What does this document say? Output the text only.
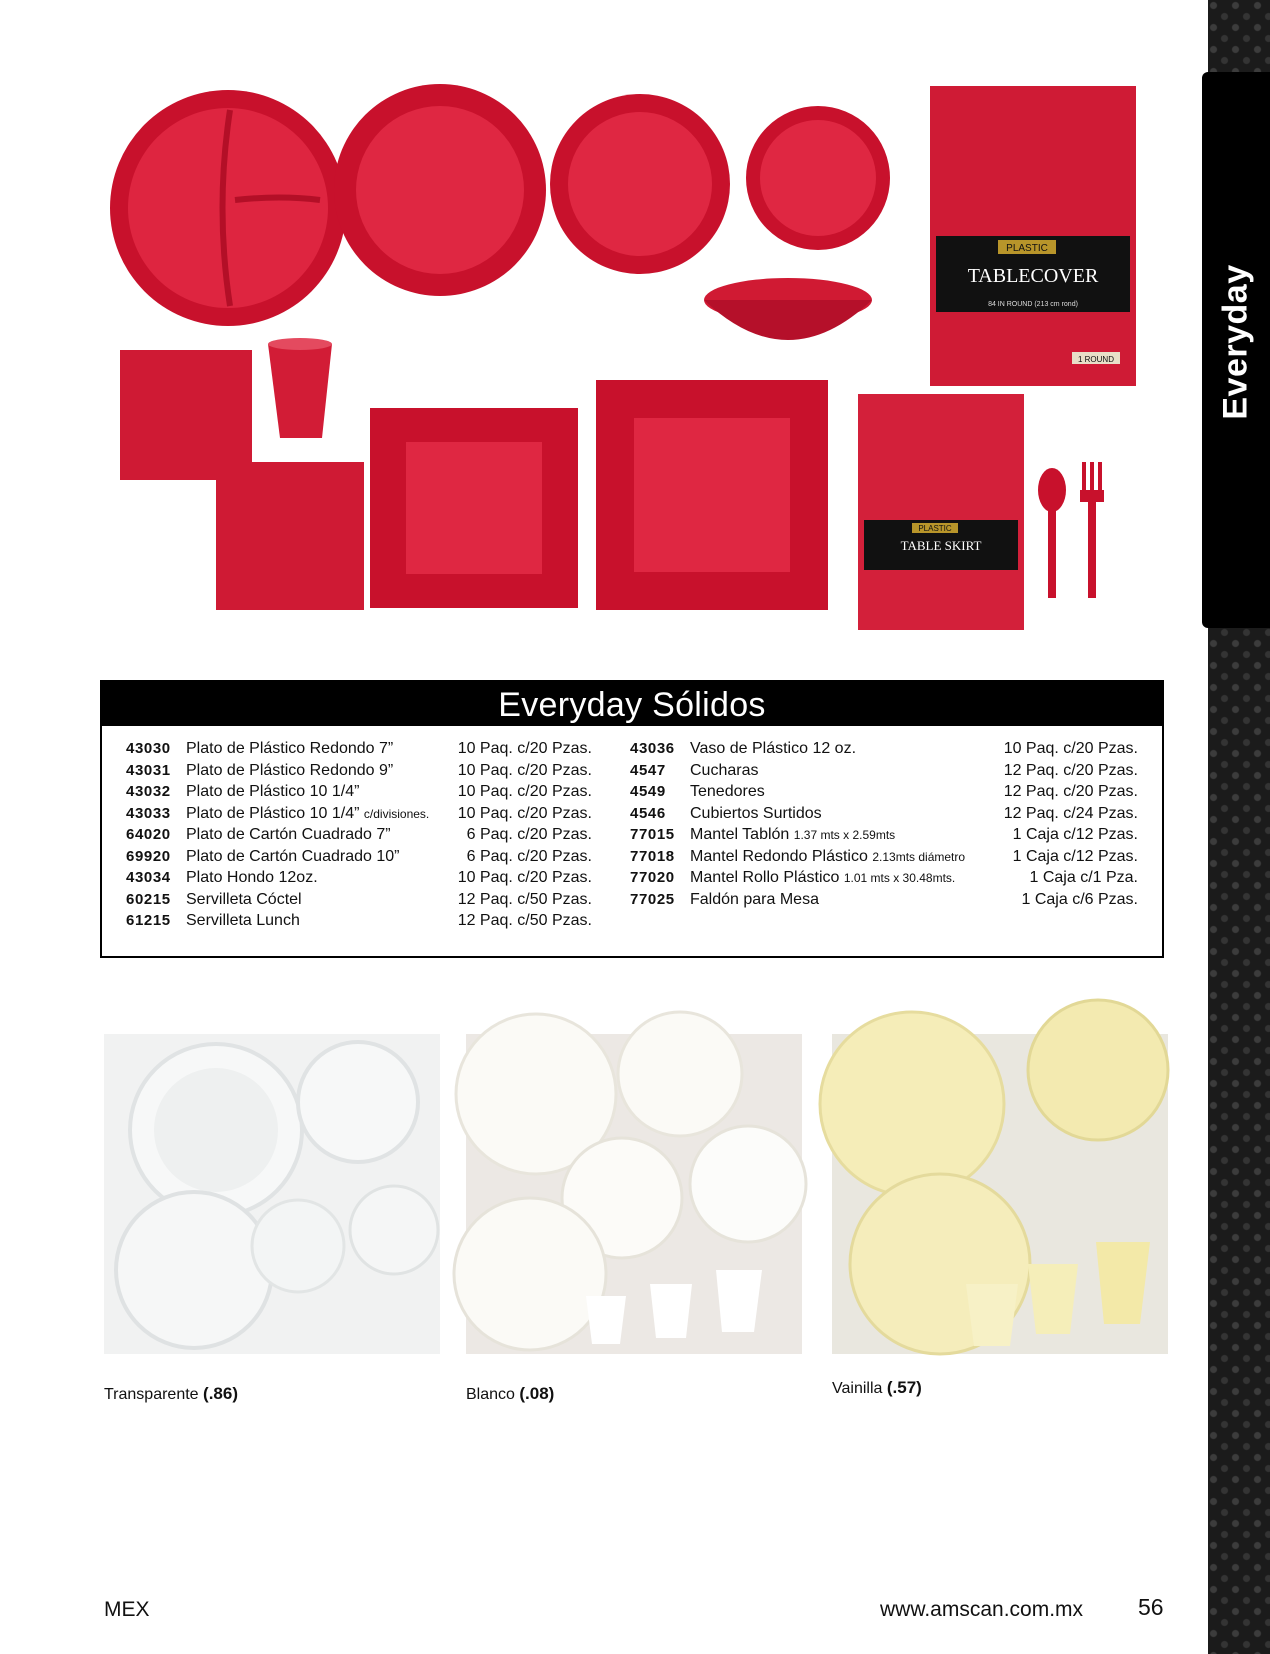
Everyday
PLASTIC
TABLECOVER
84 IN ROUND (213 cm rond)
1 ROUND
PLASTIC
TABLE SKIRT
Everyday Sólidos
43030 Plato de Plástico Redondo 7”	10 Paq. c/20 Pzas.
43031 Plato de Plástico Redondo 9”	10 Paq. c/20 Pzas.
43032 Plato de Plástico 10 1/4”	10 Paq. c/20 Pzas.
43033 Plato de Plástico 10 1/4” c/divisiones. 10 Paq. c/20 Pzas.
64020 Plato de Cartón Cuadrado 7”	6 Paq. c/20 Pzas.
69920 Plato de Cartón Cuadrado 10”	6 Paq. c/20 Pzas.
43034 Plato Hondo 12oz.	10 Paq. c/20 Pzas.
60215 Servilleta Cóctel	12 Paq. c/50 Pzas.
61215 Servilleta Lunch	12 Paq. c/50 Pzas.
43036 Vaso de Plástico 12 oz.	10 Paq. c/20 Pzas.
4547 Cucharas	12 Paq. c/20 Pzas.
4549 Tenedores	12 Paq. c/20 Pzas.
4546 Cubiertos Surtidos	12 Paq. c/24 Pzas.
77015 Mantel Tablón 1.37 mts x 2.59mts	1 Caja c/12 Pzas.
77018 Mantel Redondo Plástico 2.13mts diámetro	1 Caja c/12 Pzas.
77020 Mantel Rollo Plástico 1.01 mts x 30.48mts.	1 Caja c/1 Pza.
77025 Faldón para Mesa	1 Caja c/6 Pzas.
Transparente (.86)	Blanco (.08)	Vainilla (.57)
MEX	www.amscan.com.mx 56
